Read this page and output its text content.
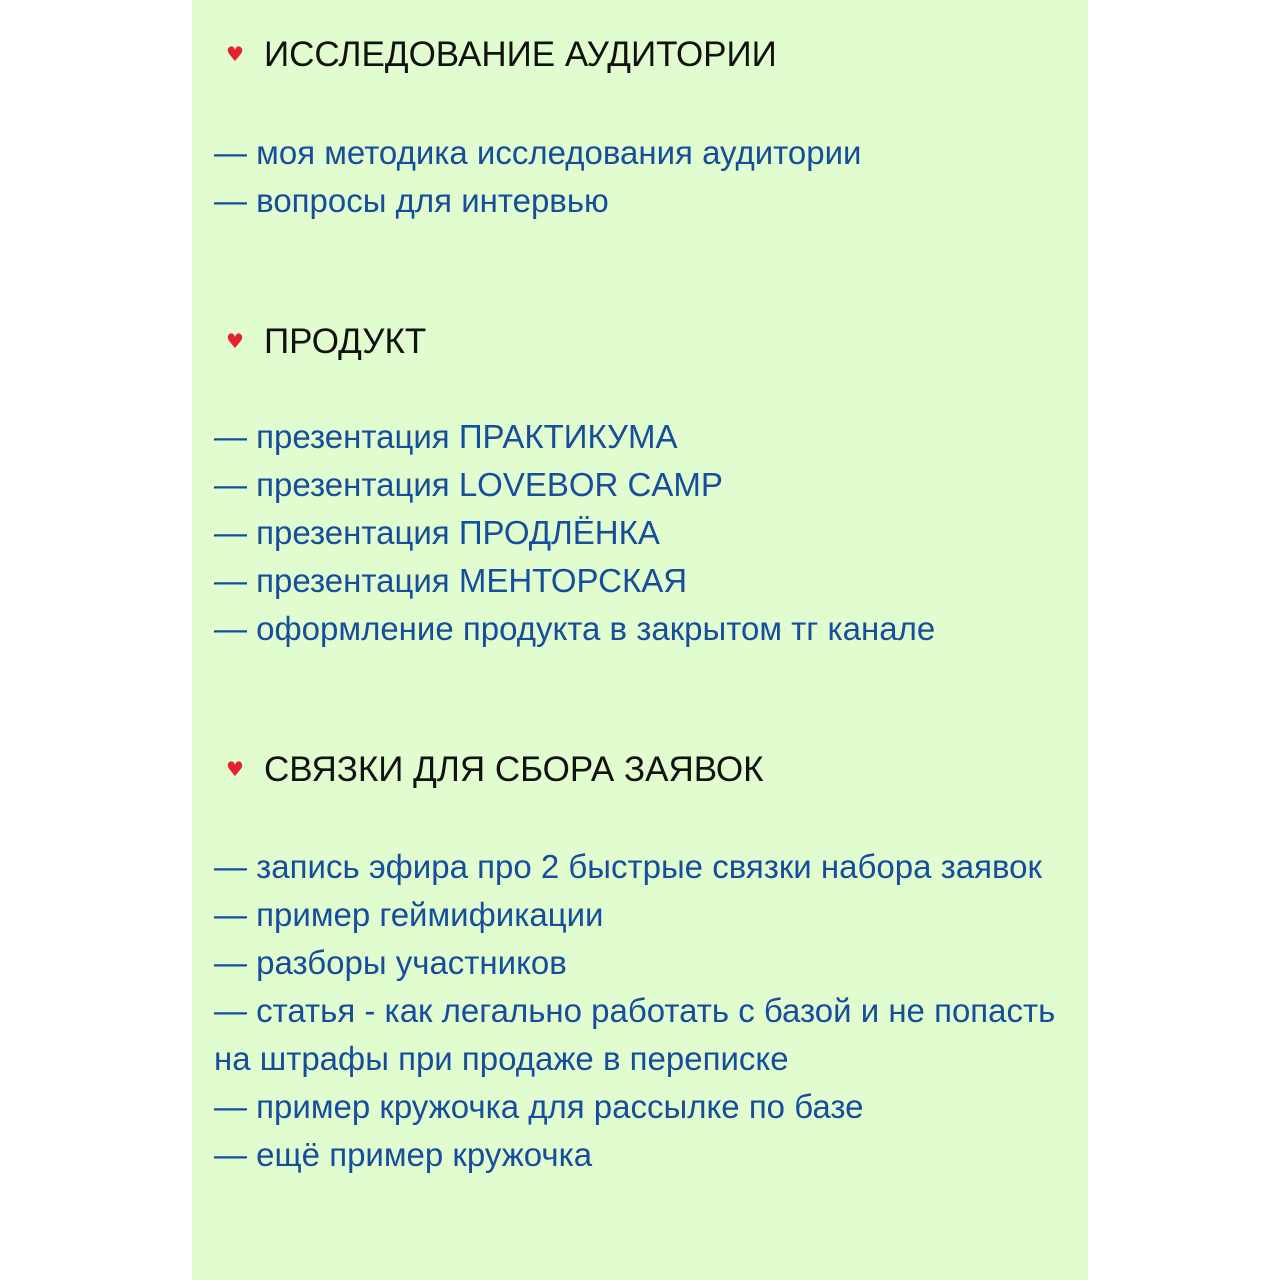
♥ ИССЛЕДОВАНИЕ АУДИТОРИИ
— моя методика исследования аудитории
— вопросы для интервью
♥ ПРОДУКТ
— презентация ПРАКТИКУМА
— презентация LOVEBOR CAMP
— презентация ПРОДЛЁНКА
— презентация МЕНТОРСКАЯ
— оформление продукта в закрытом тг канале
♥ СВЯЗКИ ДЛЯ СБОРА ЗАЯВОК
— запись эфира про 2 быстрые связки набора заявок
— пример геймификации
— разборы участников
— статья - как легально работать с базой и не попасть на штрафы при продаже в переписке
— пример кружочка для рассылке по базе
— ещё пример кружочка
